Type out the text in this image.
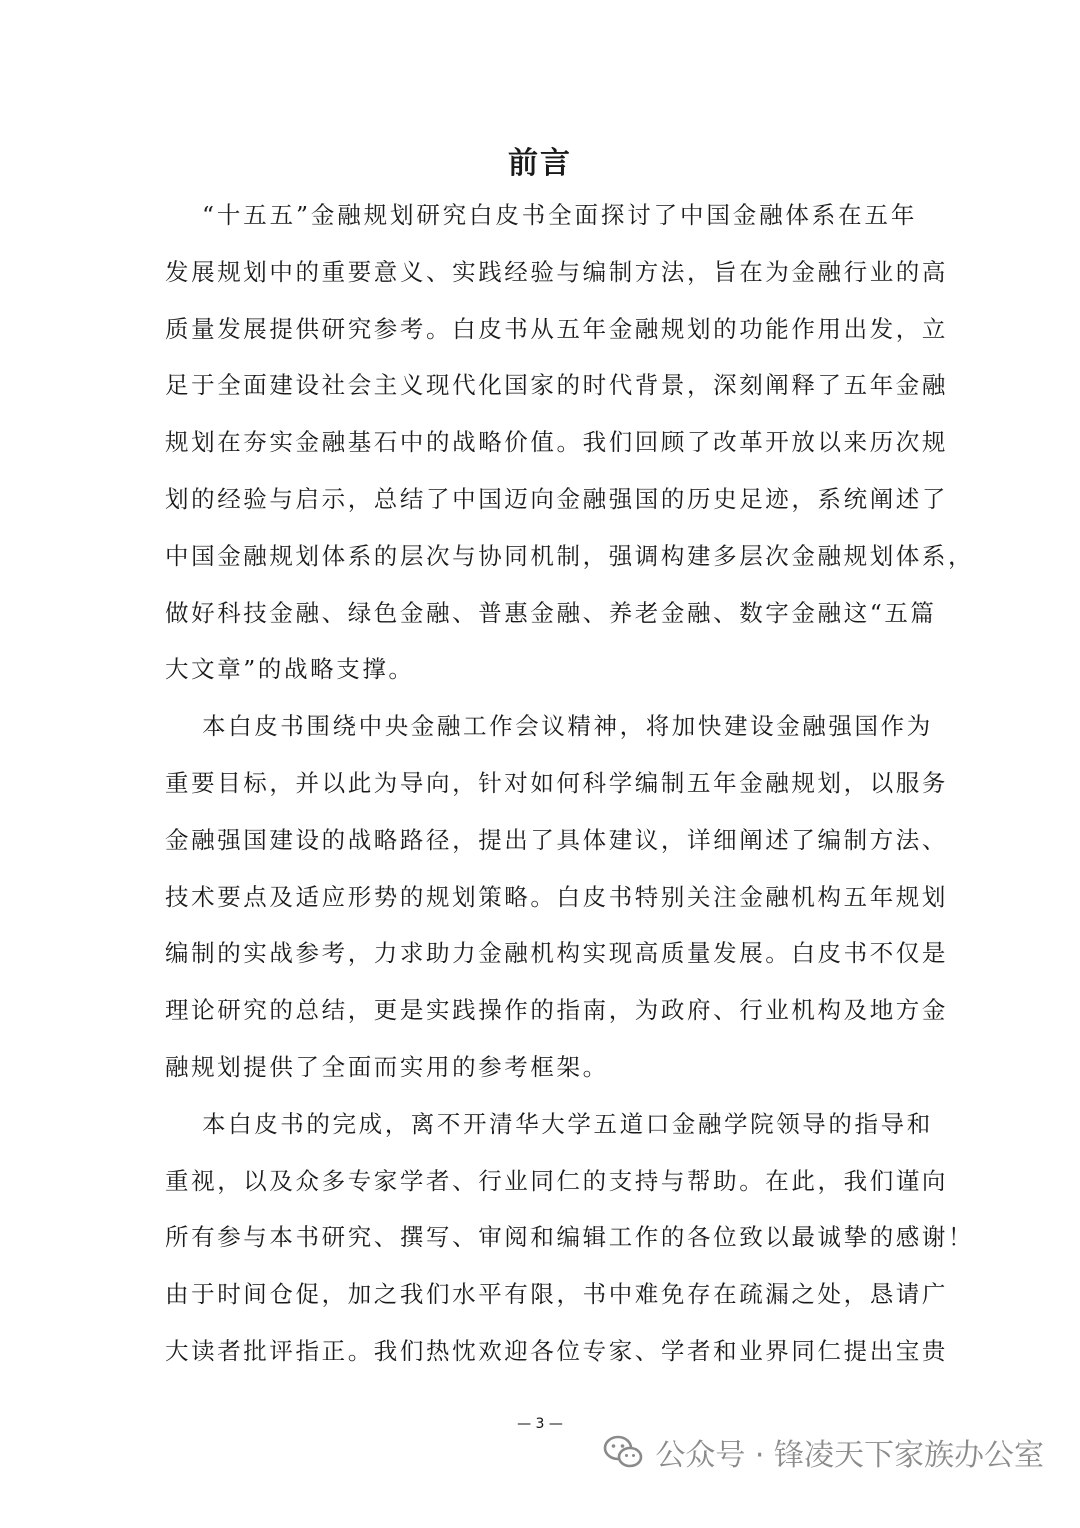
前言
“十五五”金融规划研究白皮书全面探讨了中国金融体系在五年
发展规划中的重要意义、实践经验与编制方法，旨在为金融行业的高
质量发展提供研究参考。白皮书从五年金融规划的功能作用出发，立
足于全面建设社会主义现代化国家的时代背景，深刻阐释了五年金融
规划在夯实金融基石中的战略价值。我们回顾了改革开放以来历次规
划的经验与启示，总结了中国迈向金融强国的历史足迹，系统阐述了
中国金融规划体系的层次与协同机制，强调构建多层次金融规划体系，
做好科技金融、绿色金融、普惠金融、养老金融、数字金融这“五篇
大文章”的战略支撑。
本白皮书围绕中央金融工作会议精神，将加快建设金融强国作为
重要目标，并以此为导向，针对如何科学编制五年金融规划，以服务
金融强国建设的战略路径，提出了具体建议，详细阐述了编制方法、
技术要点及适应形势的规划策略。白皮书特别关注金融机构五年规划
编制的实战参考，力求助力金融机构实现高质量发展。白皮书不仅是
理论研究的总结，更是实践操作的指南，为政府、行业机构及地方金
融规划提供了全面而实用的参考框架。
本白皮书的完成，离不开清华大学五道口金融学院领导的指导和
重视，以及众多专家学者、行业同仁的支持与帮助。在此，我们谨向
所有参与本书研究、撰写、审阅和编辑工作的各位致以最诚挚的感谢！
由于时间仓促，加之我们水平有限，书中难免存在疏漏之处，恳请广
大读者批评指正。我们热忱欢迎各位专家、学者和业界同仁提出宝贵
— 3 —
公众号 · 锋凌天下家族办公室
